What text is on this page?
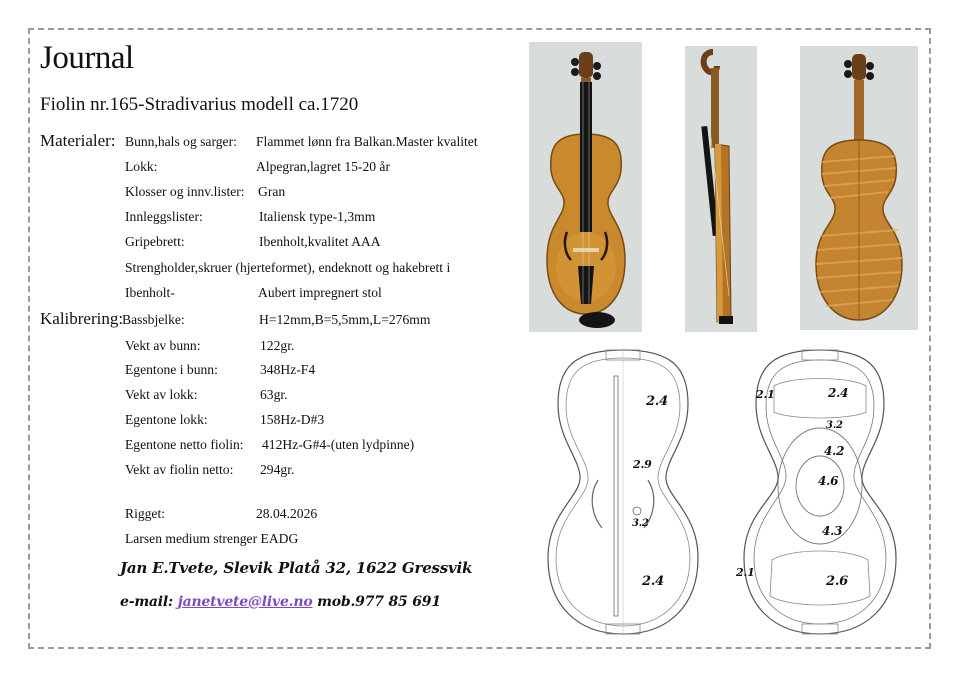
Journal
Fiolin nr.165-Stradivarius modell ca.1720
Materialer: Bunn,hals og sarger: Flammet lønn fra Balkan.Master kvalitet
Lokk:	Alpegran,lagret 15-20 år
Klosser og innv.lister: Gran
Innleggslister:	Italiensk type-1,3mm
Gripebrett:	Ibenholt,kvalitet AAA
Strengholder,skruer (hjerteformet), endeknott og hakebrett i
Ibenholt-	Aubert impregnert stol
Kalibrering:
Bassbjelke:	H=12mm,B=5,5mm,L=276mm
Vekt av bunn:	122gr.
Egentone i bunn:	348Hz-F4
Vekt av lokk:	63gr.
Egentone lokk:	158Hz-D#3
Egentone netto fiolin: 412Hz-G#4-(uten lydpinne)
Vekt av fiolin netto: 294gr.
Rigget:	28.04.2026
Larsen medium strenger EADG
Jan E.Tvete, Slevik Platå 32, 1622 Gressvik
e-mail: janetvete@live.no mob.977 85 691
2.4
2.9
3.2
2.4
2.4
3.2
4.2
4.6
4.3
2.6
2.1
2.1
